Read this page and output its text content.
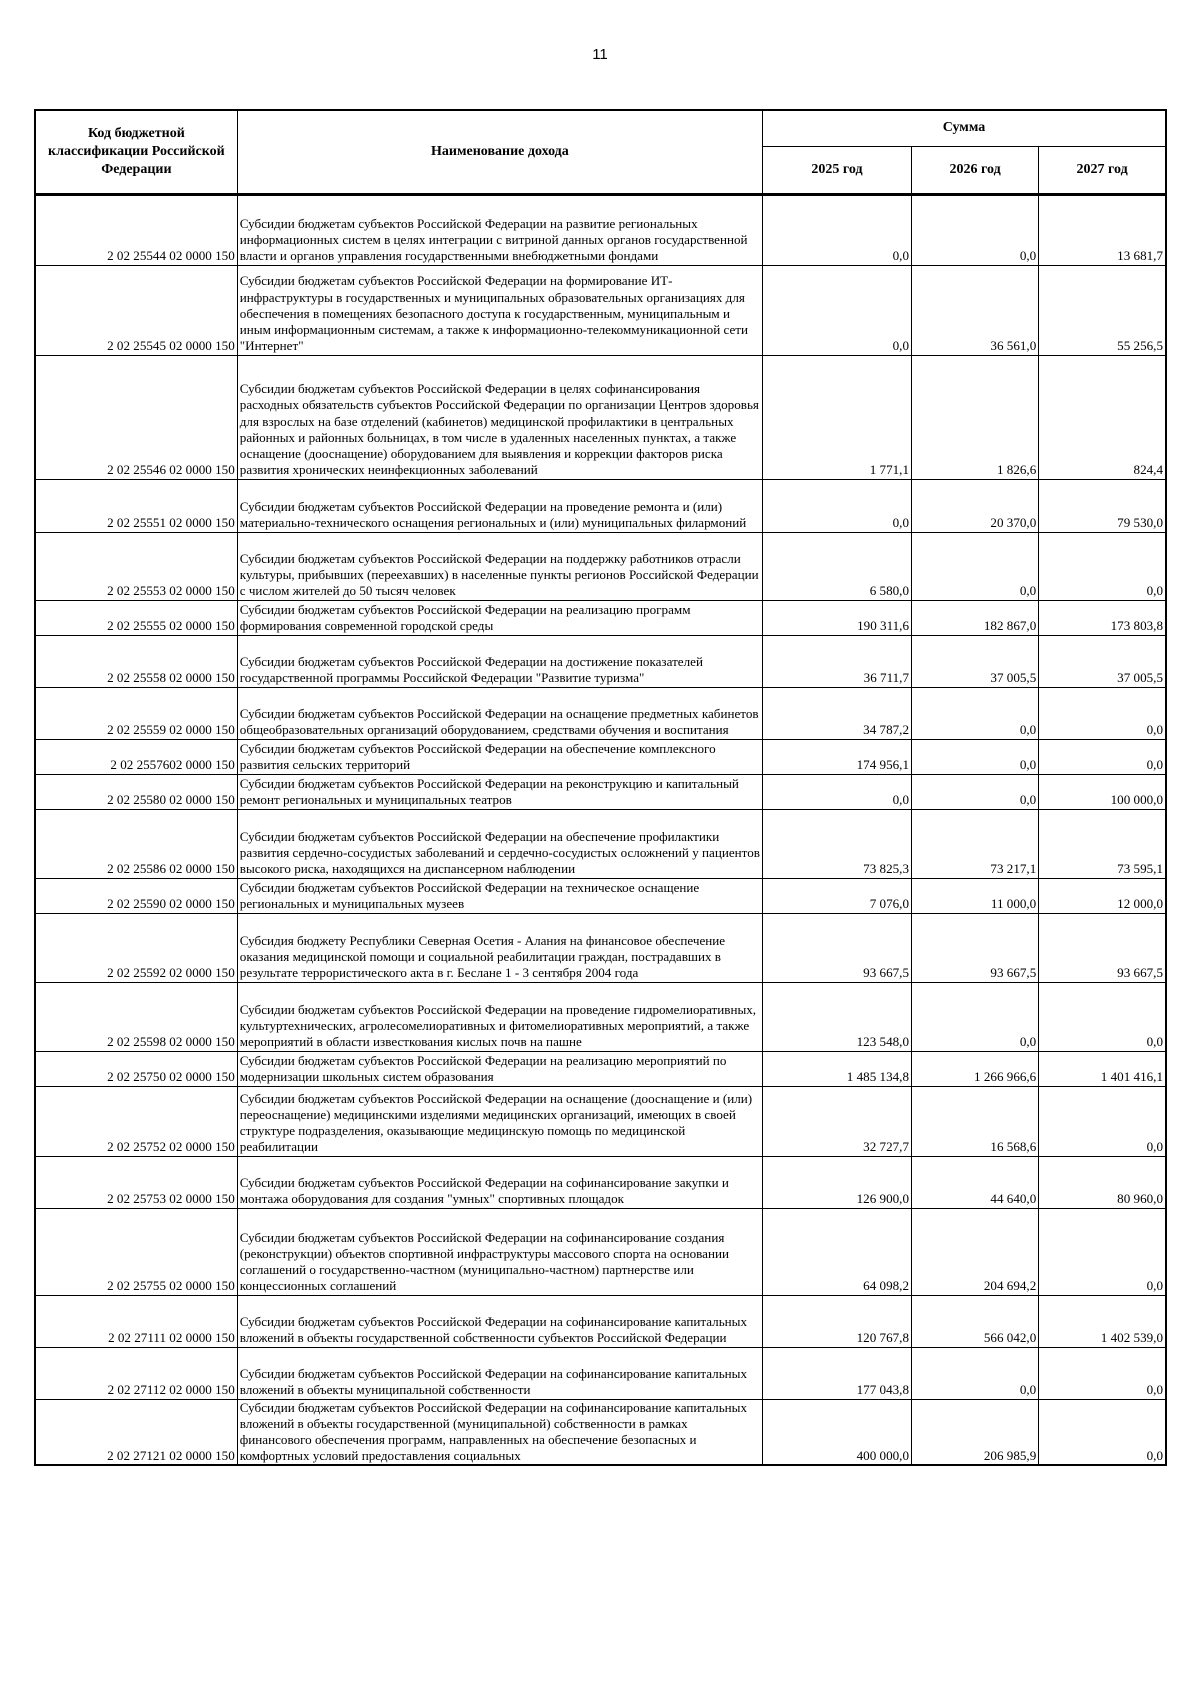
11
Код бюджетной классификации Российской Федерации	Наименование дохода	Сумма		
		2025 год	2026 год	2027 год
2 02 25544 02 0000 150	Субсидии бюджетам субъектов Российской Федерации на развитие региональных информационных систем в целях интеграции с витриной данных органов государственной власти и органов управления государственными внебюджетными фондами	0,0	0,0	13 681,7
2 02 25545 02 0000 150	Субсидии бюджетам субъектов Российской Федерации на формирование ИТ-инфраструктуры в государственных и муниципальных образовательных организациях для обеспечения в помещениях безопасного доступа к государственным, муниципальным и иным информационным системам, а также к информационно-телекоммуникационной сети "Интернет"	0,0	36 561,0	55 256,5
2 02 25546 02 0000 150	Субсидии бюджетам субъектов Российской Федерации в целях софинансирования расходных обязательств субъектов Российской Федерации по организации Центров здоровья для взрослых на базе отделений (кабинетов) медицинской профилактики в центральных районных и районных больницах, в том числе в удаленных населенных пунктах, а также оснащение (дооснащение) оборудованием для выявления и коррекции факторов риска развития хронических неинфекционных заболеваний	1 771,1	1 826,6	824,4
2 02 25551 02 0000 150	Субсидии бюджетам субъектов Российской Федерации на проведение ремонта и (или) материально-технического оснащения региональных и (или) муниципальных филармоний	0,0	20 370,0	79 530,0
2 02 25553 02 0000 150	Субсидии бюджетам субъектов Российской Федерации на поддержку работников отрасли культуры, прибывших (переехавших) в населенные пункты регионов Российской Федерации с числом жителей до 50 тысяч человек	6 580,0	0,0	0,0
2 02 25555 02 0000 150	Субсидии бюджетам субъектов Российской Федерации на реализацию программ формирования современной городской среды	190 311,6	182 867,0	173 803,8
2 02 25558 02 0000 150	Субсидии бюджетам субъектов Российской Федерации на достижение показателей государственной программы Российской Федерации "Развитие туризма"	36 711,7	37 005,5	37 005,5
2 02 25559 02 0000 150	Субсидии бюджетам субъектов Российской Федерации на оснащение предметных кабинетов общеобразовательных организаций оборудованием, средствами обучения и воспитания	34 787,2	0,0	0,0
2 02 2557602 0000 150	Субсидии бюджетам субъектов Российской Федерации на обеспечение комплексного развития сельских территорий	174 956,1	0,0	0,0
2 02 25580 02 0000 150	Субсидии бюджетам субъектов Российской Федерации на реконструкцию и капитальный ремонт региональных и муниципальных театров	0,0	0,0	100 000,0
2 02 25586 02 0000 150	Субсидии бюджетам субъектов Российской Федерации на обеспечение профилактики развития сердечно-сосудистых заболеваний и сердечно-сосудистых осложнений у пациентов высокого риска, находящихся на диспансерном наблюдении	73 825,3	73 217,1	73 595,1
2 02 25590 02 0000 150	Субсидии бюджетам субъектов Российской Федерации на техническое оснащение региональных и муниципальных музеев	7 076,0	11 000,0	12 000,0
2 02 25592 02 0000 150	Субсидия бюджету Республики Северная Осетия - Алания на финансовое обеспечение оказания медицинской помощи и социальной реабилитации граждан, пострадавших в результате террористического акта в г. Беслане 1 - 3 сентября 2004 года	93 667,5	93 667,5	93 667,5
2 02 25598 02 0000 150	Субсидии бюджетам субъектов Российской Федерации на проведение гидромелиоративных, культуртехнических, агролесомелиоративных и фитомелиоративных мероприятий, а также мероприятий в области известкования кислых почв на пашне	123 548,0	0,0	0,0
2 02 25750 02 0000 150	Субсидии бюджетам субъектов Российской Федерации на реализацию мероприятий по модернизации школьных систем образования	1 485 134,8	1 266 966,6	1 401 416,1
2 02 25752 02 0000 150	Субсидии бюджетам субъектов Российской Федерации на оснащение (дооснащение и (или) переоснащение) медицинскими изделиями медицинских организаций, имеющих в своей структуре подразделения, оказывающие медицинскую помощь по медицинской реабилитации	32 727,7	16 568,6	0,0
2 02 25753 02 0000 150	Субсидии бюджетам субъектов Российской Федерации на софинансирование закупки и монтажа оборудования для создания "умных" спортивных площадок	126 900,0	44 640,0	80 960,0
2 02 25755 02 0000 150	Субсидии бюджетам субъектов Российской Федерации на софинансирование создания (реконструкции) объектов спортивной инфраструктуры массового спорта на основании соглашений о государственно-частном (муниципально-частном) партнерстве или концессионных соглашений	64 098,2	204 694,2	0,0
2 02 27111 02 0000 150	Субсидии бюджетам субъектов Российской Федерации на софинансирование капитальных вложений в объекты государственной собственности субъектов Российской Федерации	120 767,8	566 042,0	1 402 539,0
2 02 27112 02 0000 150	Субсидии бюджетам субъектов Российской Федерации на софинансирование капитальных вложений в объекты муниципальной собственности	177 043,8	0,0	0,0
2 02 27121 02 0000 150	Субсидии бюджетам субъектов Российской Федерации на софинансирование капитальных вложений в объекты государственной (муниципальной) собственности в рамках финансового обеспечения программ, направленных на обеспечение безопасных и комфортных условий предоставления социальных	400 000,0	206 985,9	0,0
